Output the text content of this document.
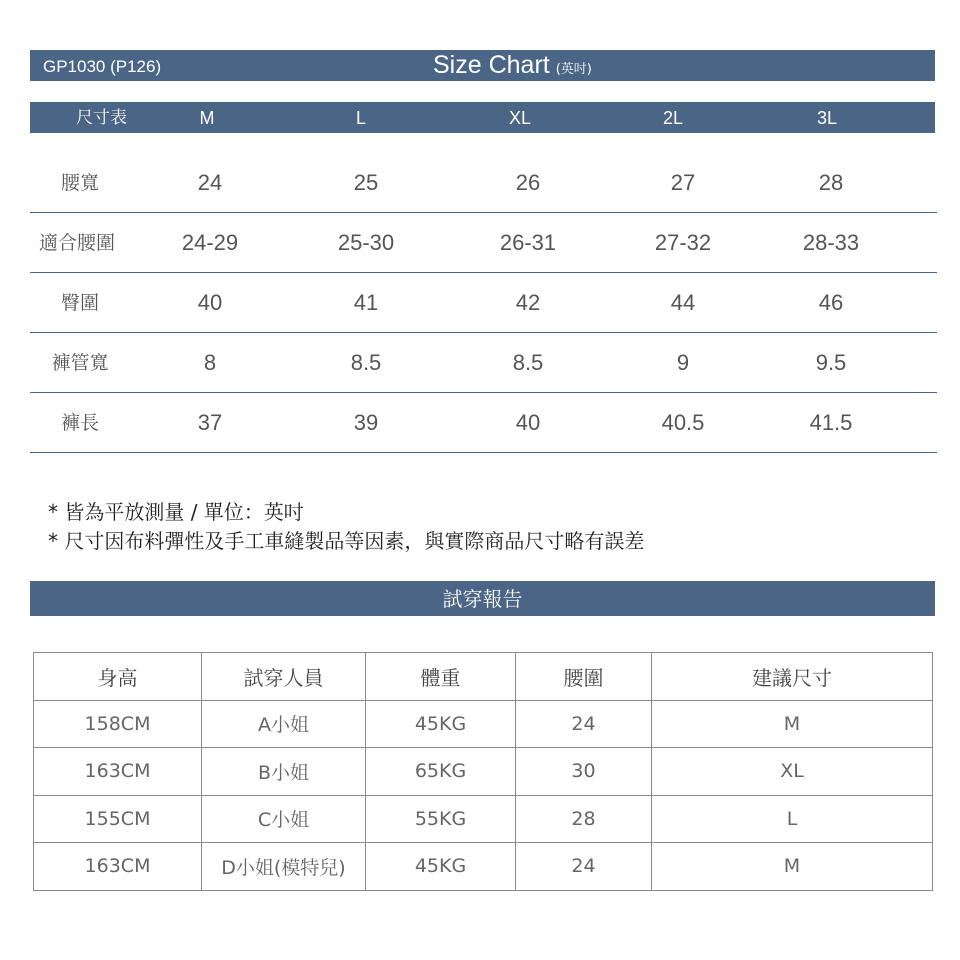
GP1030 (P126)	Size Chart (英吋)
尺寸表	M	L	XL	2L	3L
腰寬	24	25	26	27	28
適合腰圍	24-29	25-30	26-31	27-32	28-33
臀圍	40	41	42	44	46
褲管寬	8	8.5	8.5	9	9.5
褲長	37	39	40	40.5	41.5
* 皆為平放測量 / 單位：英吋
* 尺寸因布料彈性及手工車縫製品等因素，與實際商品尺寸略有誤差
試穿報告
身高	試穿人員	體重	腰圍	建議尺寸
158CM	A小姐	45KG	24	M
163CM	B小姐	65KG	30	XL
155CM	C小姐	55KG	28	L
163CM	D小姐(模特兒)	45KG	24	M
